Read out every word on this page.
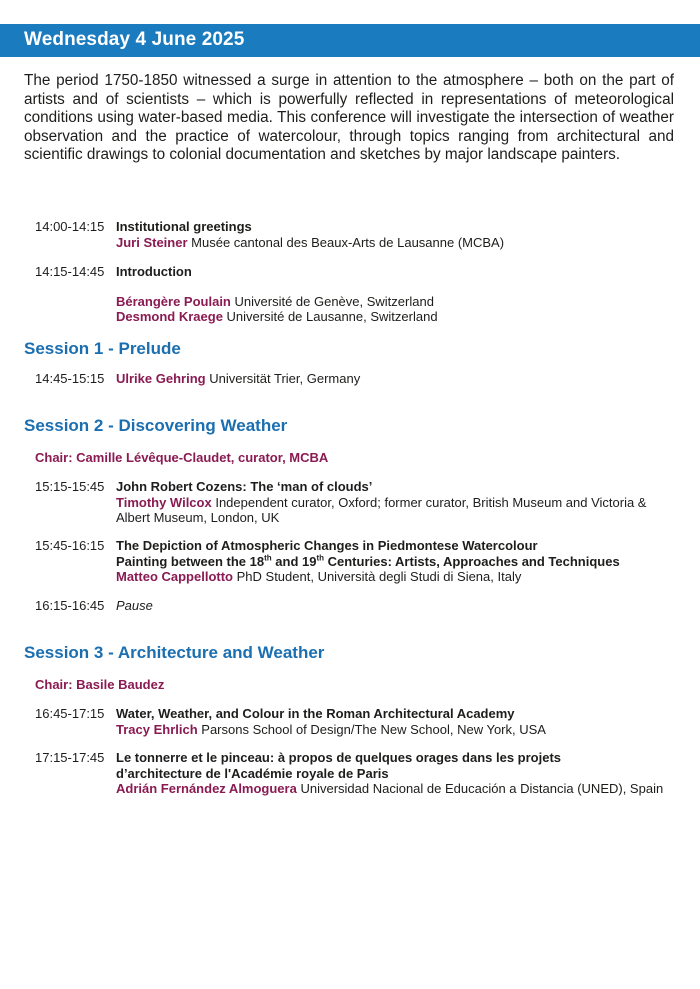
Wednesday 4 June 2025

The period 1750-1850 witnessed a surge in attention to the atmosphere – both on the part of artists and of scientists – which is powerfully reflected in representations of meteorological conditions using water-based media. This conference will investigate the intersection of weather observation and the practice of watercolour, through topics ranging from architectural and scientific drawings to colonial documentation and sketches by major landscape painters.

14:00-14:15 Institutional greetings

Juri Steiner Musée cantonal des Beaux-Arts de Lausanne (MCBA)

14:15-14:45 Introduction

Bérangère Poulain Université de Genève, Switzerland

Desmond Kraege Université de Lausanne, Switzerland

Session 1 - Prelude

14:45-15:15 Ulrike Gehring Universität Trier, Germany

Session 2 - Discovering Weather

Chair: Camille Lévêque-Claudet, curator, MCBA

15:15-15:45 John Robert Cozens: The ‘man of clouds’

Timothy Wilcox Independent curator, Oxford; former curator, British Museum and Victoria & Albert Museum, London, UK

15:45-16:15 The Depiction of Atmospheric Changes in Piedmontese Watercolour
Painting between the 18th and 19th Centuries: Artists, Approaches and Techniques

Matteo Cappellotto PhD Student, Università degli Studi di Siena, Italy

16:15-16:45 Pause

Session 3 - Architecture and Weather

Chair: Basile Baudez

16:45-17:15 Water, Weather, and Colour in the Roman Architectural Academy

Tracy Ehrlich Parsons School of Design/The New School, New York, USA

17:15-17:45 Le tonnerre et le pinceau: à propos de quelques orages dans les projets
d’architecture de l'Académie royale de Paris

Adrián Fernández Almoguera Universidad Nacional de Educación a Distancia (UNED), Spain
